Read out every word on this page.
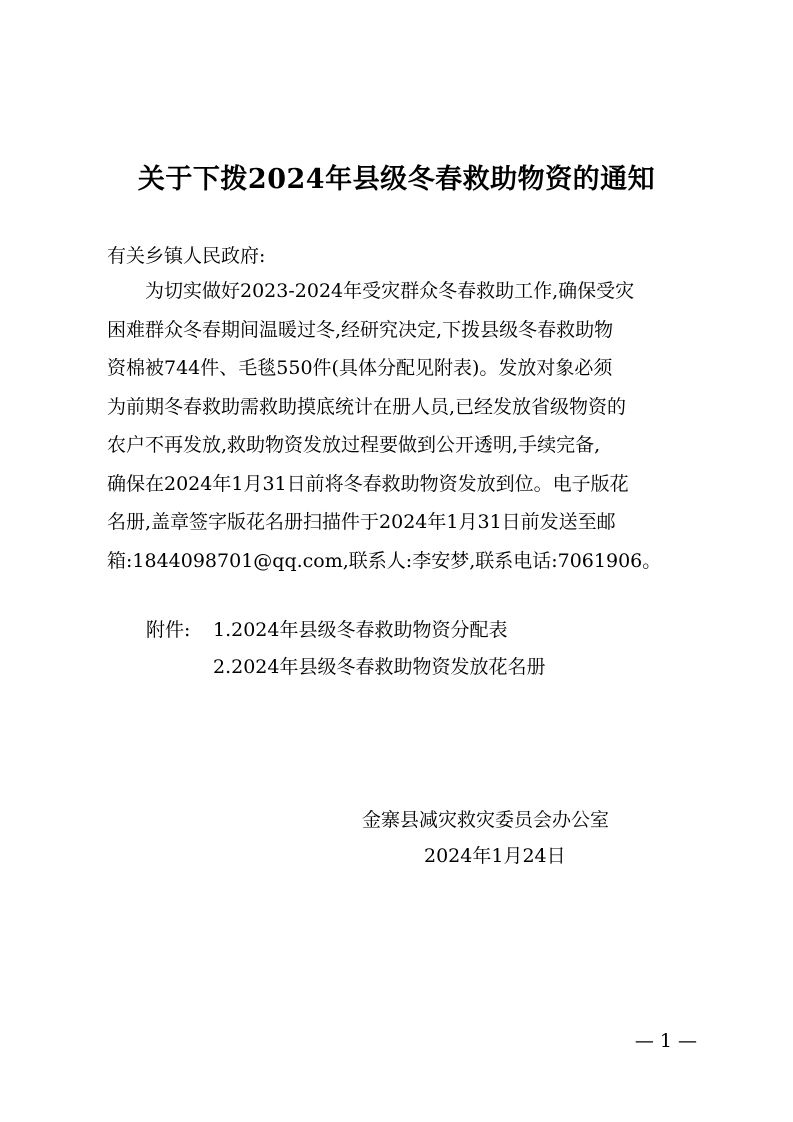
关于下拨2024年县级冬春救助物资的通知
有关乡镇人民政府:
为切实做好2023-2024年受灾群众冬春救助工作,确保受灾
困难群众冬春期间温暖过冬,经研究决定,下拨县级冬春救助物
资棉被744件、毛毯550件(具体分配见附表)。发放对象必须
为前期冬春救助需救助摸底统计在册人员,已经发放省级物资的
农户不再发放,救助物资发放过程要做到公开透明,手续完备,
确保在2024年1月31日前将冬春救助物资发放到位。电子版花
名册,盖章签字版花名册扫描件于2024年1月31日前发送至邮
箱:1844098701@qq.com,联系人:李安梦,联系电话:7061906。
附件: 1.2024年县级冬春救助物资分配表
2.2024年县级冬春救助物资发放花名册
金寨县减灾救灾委员会办公室
2024年1月24日
— 1 —
